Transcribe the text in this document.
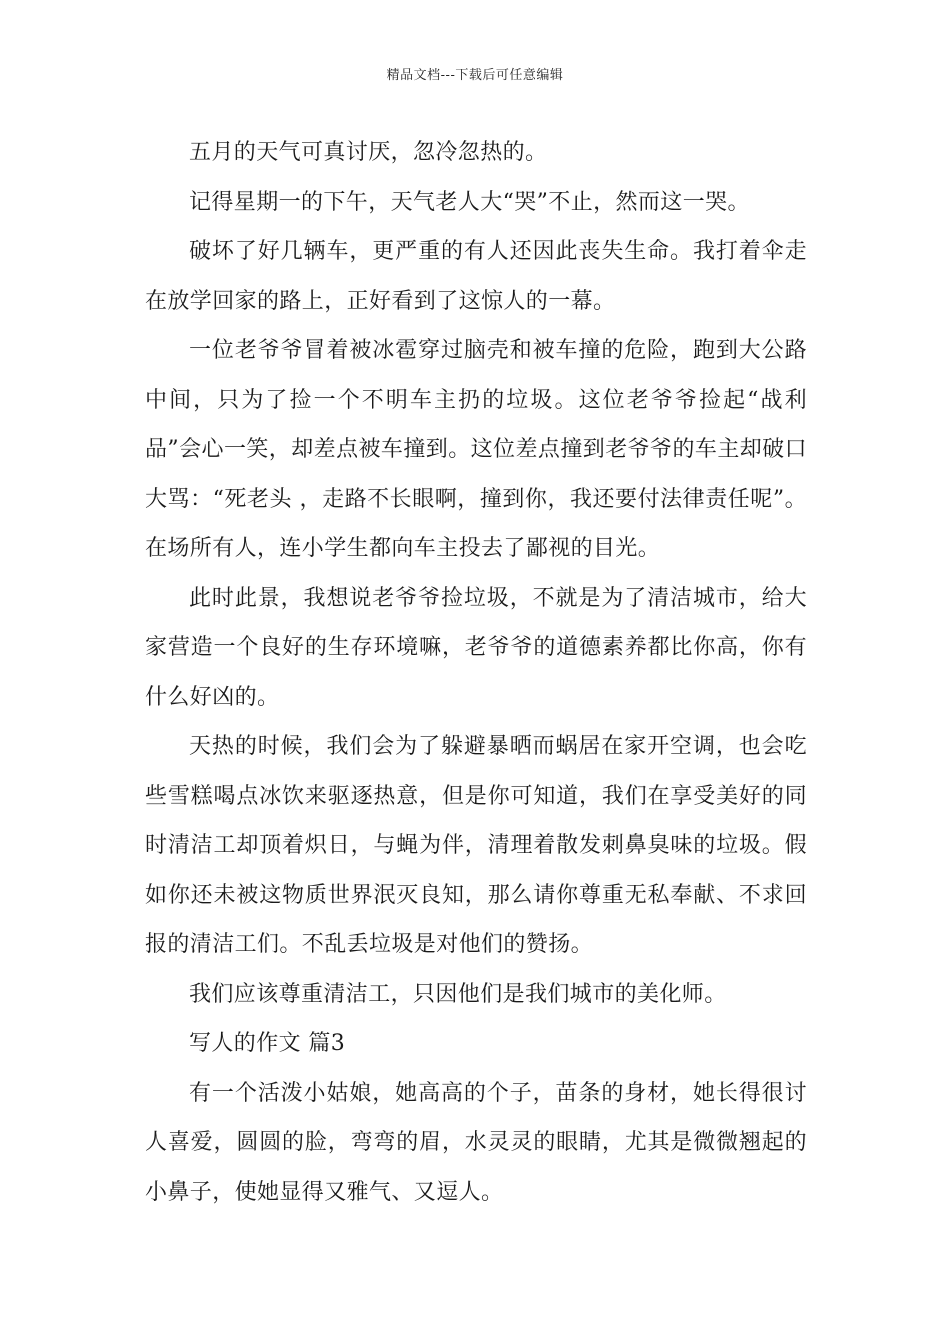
精品文档---下载后可任意编辑

五月的天气可真讨厌，忽冷忽热的。

记得星期一的下午，天气老人大“哭”不止，然而这一哭。

破坏了好几辆车，更严重的有人还因此丧失生命。我打着伞走在放学回家的路上，正好看到了这惊人的一幕。

一位老爷爷冒着被冰雹穿过脑壳和被车撞的危险，跑到大公路中间，只为了捡一个不明车主扔的垃圾。这位老爷爷捡起“战利品”会心一笑，却差点被车撞到。这位差点撞到老爷爷的车主却破口大骂：“死老头 ，走路不长眼啊，撞到你，我还要付法律责任呢”。在场所有人，连小学生都向车主投去了鄙视的目光。

此时此景，我想说老爷爷捡垃圾，不就是为了清洁城市，给大家营造一个良好的生存环境嘛，老爷爷的道德素养都比你高，你有什么好凶的。

天热的时候，我们会为了躲避暴晒而蜗居在家开空调，也会吃些雪糕喝点冰饮来驱逐热意，但是你可知道，我们在享受美好的同时清洁工却顶着炽日，与蝇为伴，清理着散发刺鼻臭味的垃圾。假如你还未被这物质世界泯灭良知，那么请你尊重无私奉献、不求回报的清洁工们。不乱丢垃圾是对他们的赞扬。

我们应该尊重清洁工，只因他们是我们城市的美化师。

写人的作文 篇3

有一个活泼小姑娘，她高高的个子，苗条的身材，她长得很讨人喜爱，圆圆的脸，弯弯的眉，水灵灵的眼睛，尤其是微微翘起的小鼻子，使她显得又雅气、又逗人。
